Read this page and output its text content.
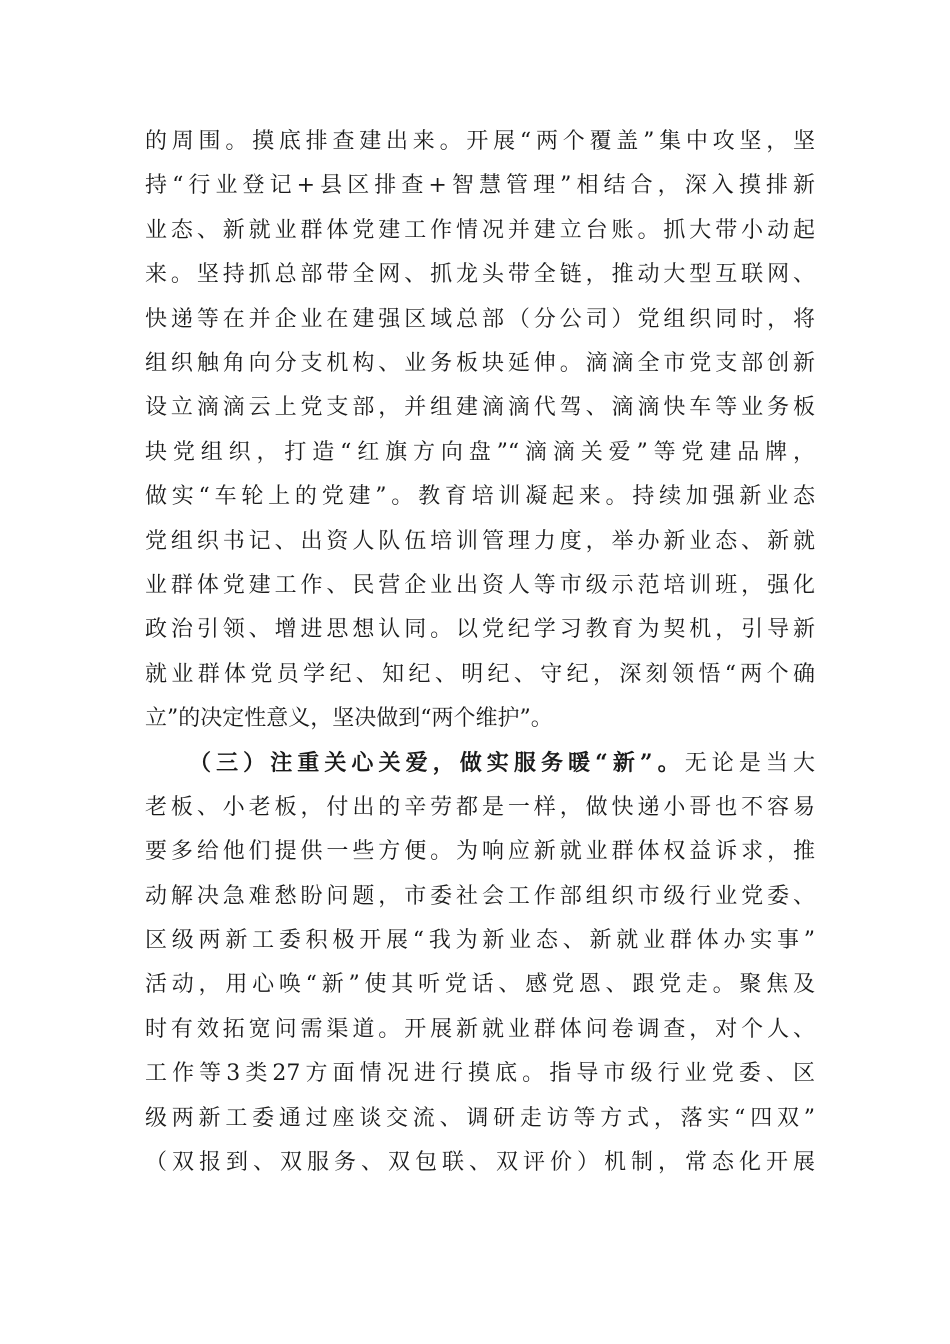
的周围。摸底排查建出来。开展“两个覆盖”集中攻坚，坚
持“行业登记+县区排查+智慧管理”相结合，深入摸排新
业态、新就业群体党建工作情况并建立台账。抓大带小动起
来。坚持抓总部带全网、抓龙头带全链，推动大型互联网、
快递等在并企业在建强区域总部（分公司）党组织同时，将
组织触角向分支机构、业务板块延伸。滴滴全市党支部创新
设立滴滴云上党支部，并组建滴滴代驾、滴滴快车等业务板
块党组织，打造“红旗方向盘”“滴滴关爱”等党建品牌，
做实“车轮上的党建”。教育培训凝起来。持续加强新业态
党组织书记、出资人队伍培训管理力度，举办新业态、新就
业群体党建工作、民营企业出资人等市级示范培训班，强化
政治引领、增进思想认同。以党纪学习教育为契机，引导新
就业群体党员学纪、知纪、明纪、守纪，深刻领悟“两个确
立”的决定性意义，坚决做到“两个维护”。
（三）注重关心关爱，做实服务暖“新”。无论是当大
老板、小老板，付出的辛劳都是一样，做快递小哥也不容易
要多给他们提供一些方便。为响应新就业群体权益诉求，推
动解决急难愁盼问题，市委社会工作部组织市级行业党委、
区级两新工委积极开展“我为新业态、新就业群体办实事”
活动，用心唤“新”使其听党话、感党恩、跟党走。聚焦及
时有效拓宽问需渠道。开展新就业群体问卷调查，对个人、
工作等3类27方面情况进行摸底。指导市级行业党委、区
级两新工委通过座谈交流、调研走访等方式，落实“四双”
（双报到、双服务、双包联、双评价）机制，常态化开展
